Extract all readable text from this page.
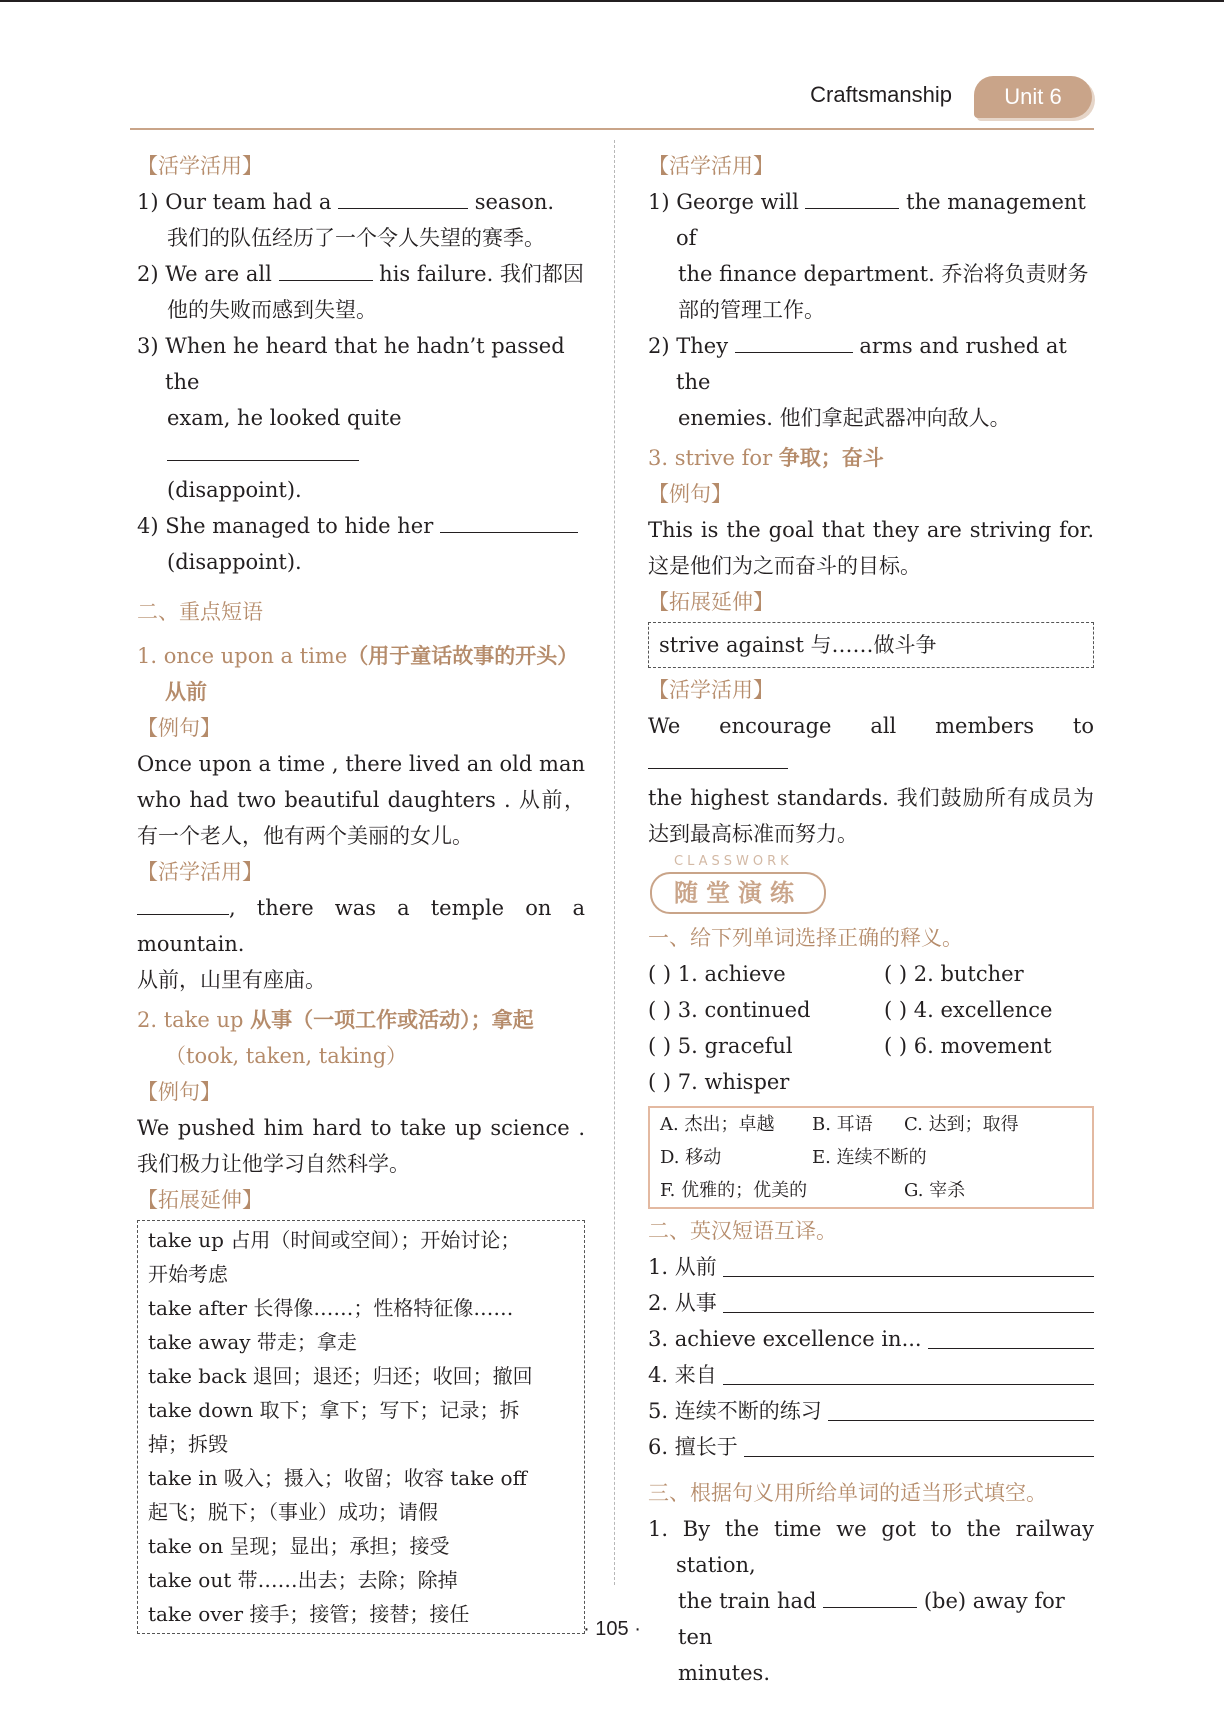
Craftsmanship	Unit 6

【活学活用】

1) Our team had a	season.

我们的队伍经历了一个令人失望的赛季。

2) We are all	his failure. 我们都因

他的失败而感到失望。

3) When he heard that he hadn’t passed the

exam, he looked quite

(disappoint).

4) She managed to hide her

(disappoint).

二、重点短语

1. once upon a time（用于童话故事的开头）
从前

【例句】

Once upon a time , there lived an old man who had two beautiful daughters . 从前，有一个老人，他有两个美丽的女儿。

【活学活用】

, there was a temple on a mountain.

从前，山里有座庙。

2. take up 从事（一项工作或活动）；拿起
（took, taken, taking）

【例句】

We pushed him hard to take up science . 我们极力让他学习自然科学。

【拓展延伸】

take up 占用（时间或空间）；开始讨论；

开始考虑

take after 长得像……；性格特征像……

take away 带走；拿走

take back 退回；退还；归还；收回；撤回

take down 取下；拿下；写下；记录；拆

掉；拆毁

take in 吸入；摄入；收留；收容 take off

起飞；脱下；（事业）成功；请假

take on 呈现；显出；承担；接受

take out 带……出去；去除；除掉

take over 接手；接管；接替；接任

【活学活用】

1) George will	the management of

the finance department. 乔治将负责财务

部的管理工作。

2) They	arms and rushed at the

enemies. 他们拿起武器冲向敌人。

3. strive for 争取；奋斗

【例句】

This is the goal that they are striving for. 这是他们为之而奋斗的目标。

【拓展延伸】

strive against 与……做斗争

【活学活用】

We encourage all members to

the highest standards. 我们鼓励所有成员为达到最高标准而努力。

CLASSWORK
随堂演练

一、给下列单词选择正确的释义。

( ) 1. achieve	( ) 2. butcher
( ) 3. continued	( ) 4. excellence
( ) 5. graceful	( ) 6. movement
( ) 7. whisper
A. 杰出；卓越	B. 耳语	C. 达到；取得
D. 移动	E. 连续不断的
F. 优雅的；优美的	G. 宰杀

二、英汉短语互译。

1. 从前
2. 从事
3. achieve excellence in...
4. 来自
5. 连续不断的练习
6. 擅长于

三、根据句义用所给单词的适当形式填空。

1. By the time we got to the railway station,

the train had	(be) away for ten

minutes.

· 105 ·
